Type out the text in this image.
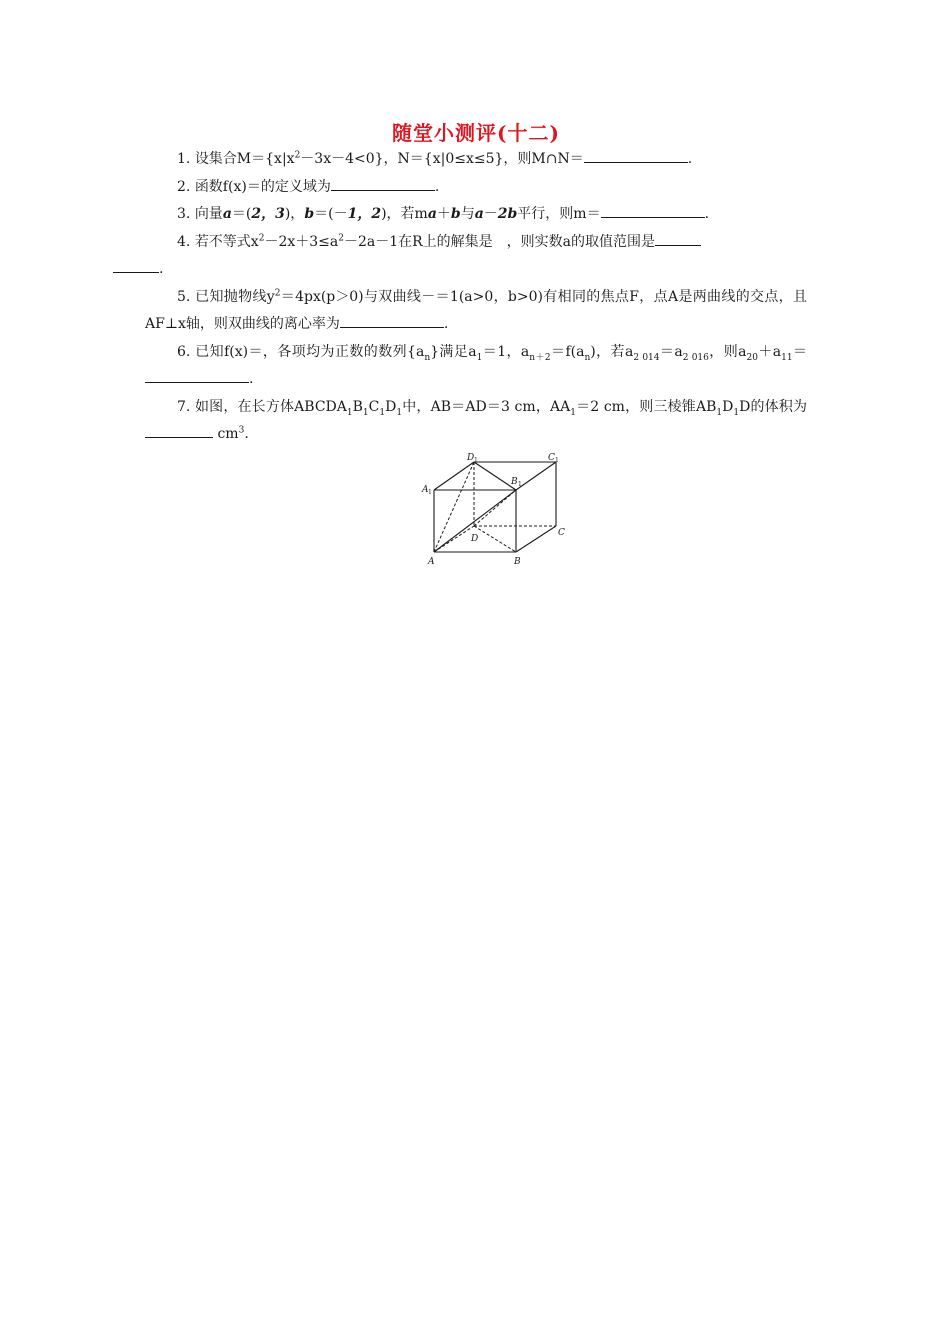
随堂小测评(十二)

1. 设集合$M=\{x|x^2-3x-4<0\}$，N＝{x|0≤x≤5}，则M∩N＝	.

2. 函数f(x)＝的定义域为	.

3. 向量a＝(2，3)，b＝(－1，2)，若ma＋b与a－2b平行，则m＝	.

4. 若不等式$x^2-2x+3\le a^2-2a-1$在R上的解集是　，则实数a的取值范围是
.

5. 已知抛物线$y^2=4px(p>0)$与双曲线－＝1(a>0，b>0)有相同的焦点F，点A是两曲线的交点，且AF⊥x轴，则双曲线的离心率为	.

6. 已知f(x)＝，各项均为正数的数列$\{a_n\}$满足$a_1=1$，$a_{n+2}=f(a_n)$，若$a_{2 014}=a_{2 016}$，则$a_{20}+a_{11}=$.

7. 如图，在长方体$ABCDA_1B_1C_1D_1$中，AB＝AD＝3 cm，$AA_1=2$ cm，则三棱锥$AB_1D_1D$的体积为 $cm^3$.

D 1	C 1
B 1
A 1
D
C
A	B
